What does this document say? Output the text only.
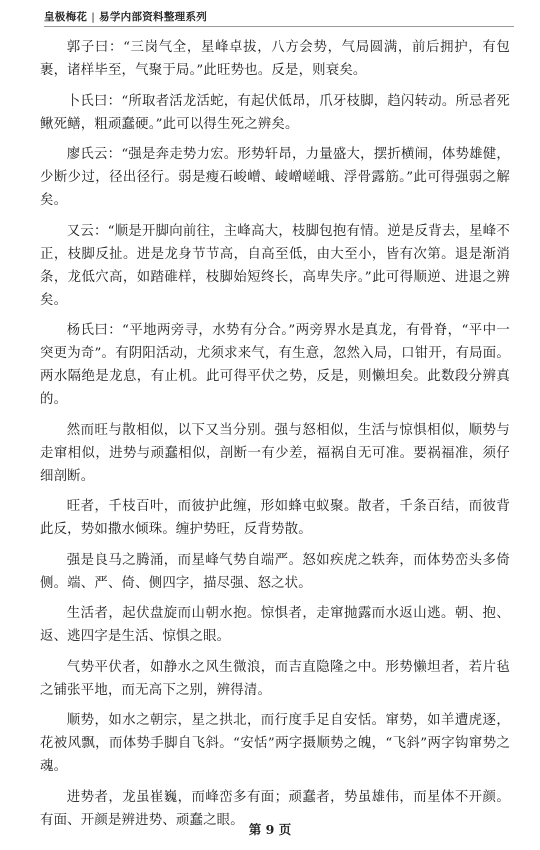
皇极梅花 | 易学内部资料整理系列

郭子曰：“三岗气全，星峰卓拔，八方会势，气局圆满，前后拥护，有包裹，诸样毕至，气聚于局。”此旺势也。反是，则衰矣。

卜氏曰：“所取者活龙活蛇，有起伏低昂，爪牙枝脚，趋闪转动。所忌者死鳅死鳝，粗顽蠢硬。”此可以得生死之辨矣。

廖氏云：“强是奔走势力宏。形势轩昂，力量盛大，摆折横闹，体势雄健，少断少过，径出径行。弱是瘦石峻嶒、崚嶒嵯峨、浮骨露筋。”此可得强弱之解矣。

又云：“顺是开脚向前往，主峰高大，枝脚包抱有情。逆是反背去，星峰不正，枝脚反扯。进是龙身节节高，自高至低，由大至小，皆有次第。退是渐消条，龙低穴高，如踏碓样，枝脚始短终长，高卑失序。”此可得顺逆、进退之辨矣。

杨氏曰：“平地两旁寻，水势有分合。”两旁界水是真龙，有骨脊，“平中一突更为奇”。有阴阳活动，尤须求来气，有生意，忽然入局，口钳开，有局面。两水隔绝是龙息，有止机。此可得平伏之势，反是，则懒坦矣。此数段分辨真的。

然而旺与散相似，以下又当分别。强与怒相似，生活与惊惧相似，顺势与走窜相似，进势与顽蠢相似，剖断一有少差，福祸自无可准。要祸福准，须仔细剖断。

旺者，千枝百叶，而彼护此缠，形如蜂屯蚁聚。散者，千条百结，而彼背此反，势如撒水倾珠。缠护势旺，反背势散。

强是良马之腾涌，而星峰气势自端严。怒如疾虎之轶奔，而体势峦头多倚侧。端、严、倚、侧四字，描尽强、怒之状。

生活者，起伏盘旋而山朝水抱。惊惧者，走窜抛露而水返山逃。朝、抱、返、逃四字是生活、惊惧之眼。

气势平伏者，如静水之风生微浪，而吉直隐隆之中。形势懒坦者，若片毡之铺张平地，而无高下之别，辨得清。

顺势，如水之朝宗，星之拱北，而行度手足自安恬。窜势，如羊遭虎逐，花被风飘，而体势手脚自飞斜。“安恬”两字摄顺势之魄，“飞斜”两字钩窜势之魂。

进势者，龙虽崔巍，而峰峦多有面；顽蠢者，势虽雄伟，而星体不开颜。有面、开颜是辨进势、顽蠢之眼。

第 9 页
